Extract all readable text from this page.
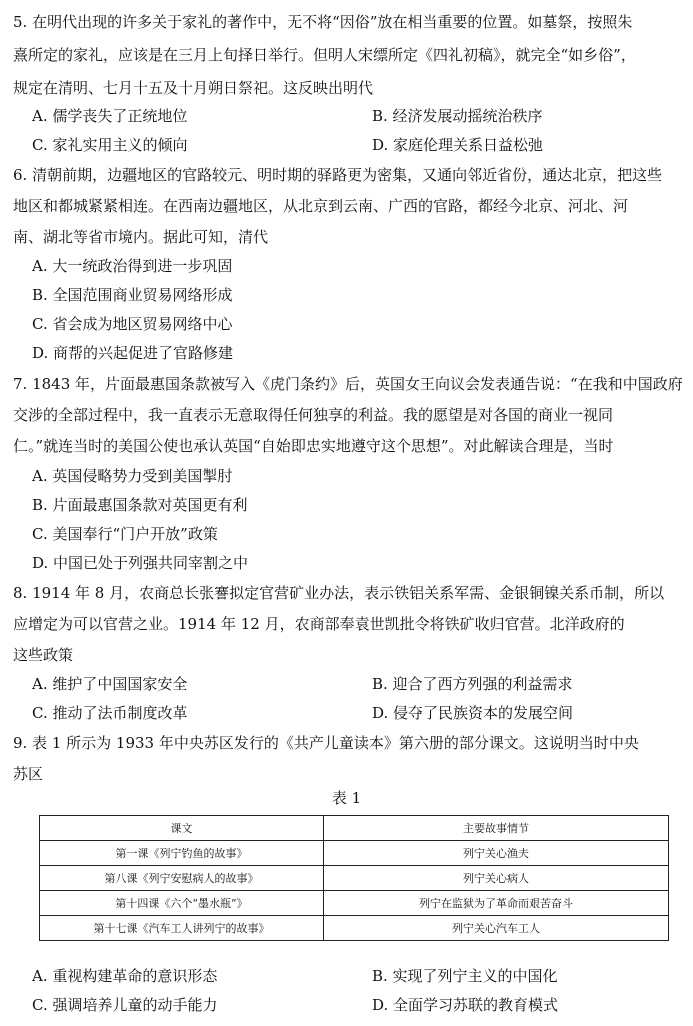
5. 在明代出现的许多关于家礼的著作中，无不将“因俗”放在相当重要的位置。如墓祭，按照朱
熹所定的家礼，应该是在三月上旬择日举行。但明人宋缥所定《四礼初稿》，就完全“如乡俗”，
规定在清明、七月十五及十月朔日祭祀。这反映出明代
A. 儒学丧失了正统地位	B. 经济发展动摇统治秩序
C. 家礼实用主义的倾向	D. 家庭伦理关系日益松弛
6. 清朝前期，边疆地区的官路较元、明时期的驿路更为密集，又通向邻近省份，通达北京，把这些
地区和都城紧紧相连。在西南边疆地区，从北京到云南、广西的官路，都经今北京、河北、河
南、湖北等省市境内。据此可知，清代
A. 大一统政治得到进一步巩固
B. 全国范围商业贸易网络形成
C. 省会成为地区贸易网络中心
D. 商帮的兴起促进了官路修建
7. 1843 年，片面最惠国条款被写入《虎门条约》后，英国女王向议会发表通告说：“在我和中国政府
交涉的全部过程中，我一直表示无意取得任何独享的利益。我的愿望是对各国的商业一视同
仁。”就连当时的美国公使也承认英国“自始即忠实地遵守这个思想”。对此解读合理是，当时
A. 英国侵略势力受到美国掣肘
B. 片面最惠国条款对英国更有利
C. 美国奉行“门户开放”政策
D. 中国已处于列强共同宰割之中
8. 1914 年 8 月，农商总长张謇拟定官营矿业办法，表示铁铝关系军需、金银铜镍关系币制，所以
应增定为可以官营之业。1914 年 12 月，农商部奉袁世凯批令将铁矿收归官营。北洋政府的
这些政策
A. 维护了中国国家安全	B. 迎合了西方列强的利益需求
C. 推动了法币制度改革	D. 侵夺了民族资本的发展空间
9. 表 1 所示为 1933 年中央苏区发行的《共产儿童读本》第六册的部分课文。这说明当时中央
苏区
表 1
课文	主要故事情节
第一课《列宁钓鱼的故事》	列宁关心渔夫
第八课《列宁安慰病人的故事》	列宁关心病人
第十四课《六个“墨水瓶”》	列宁在监狱为了革命而艰苦奋斗
第十七课《汽车工人讲列宁的故事》	列宁关心汽车工人
A. 重视构建革命的意识形态	B. 实现了列宁主义的中国化
C. 强调培养儿童的动手能力	D. 全面学习苏联的教育模式
